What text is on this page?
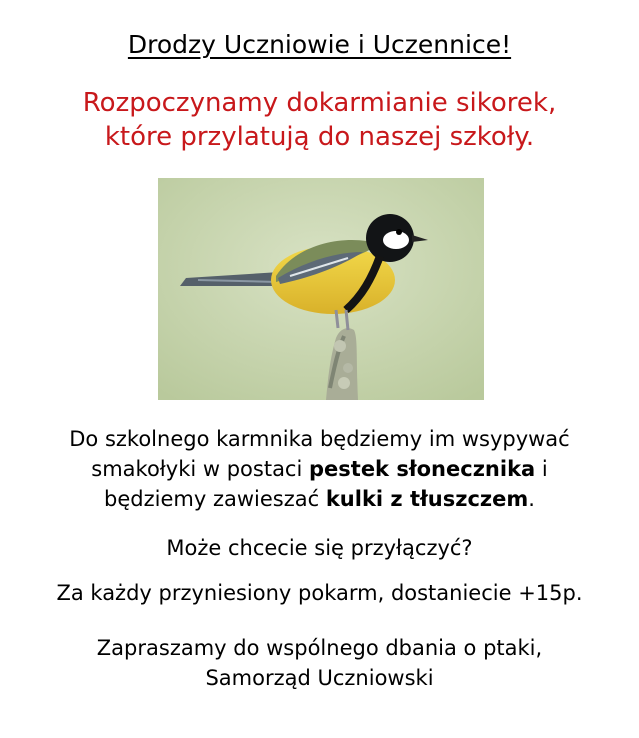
Drodzy Uczniowie i Uczennice!
Rozpoczynamy dokarmianie sikorek,
które przylatują do naszej szkoły.
Do szkolnego karmnika będziemy im wsypywać
smakołyki w postaci pestek słonecznika i
będziemy zawieszać kulki z tłuszczem.
Może chcecie się przyłączyć?
Za każdy przyniesiony pokarm, dostaniecie +15p.
Zapraszamy do wspólnego dbania o ptaki,
Samorząd Uczniowski
